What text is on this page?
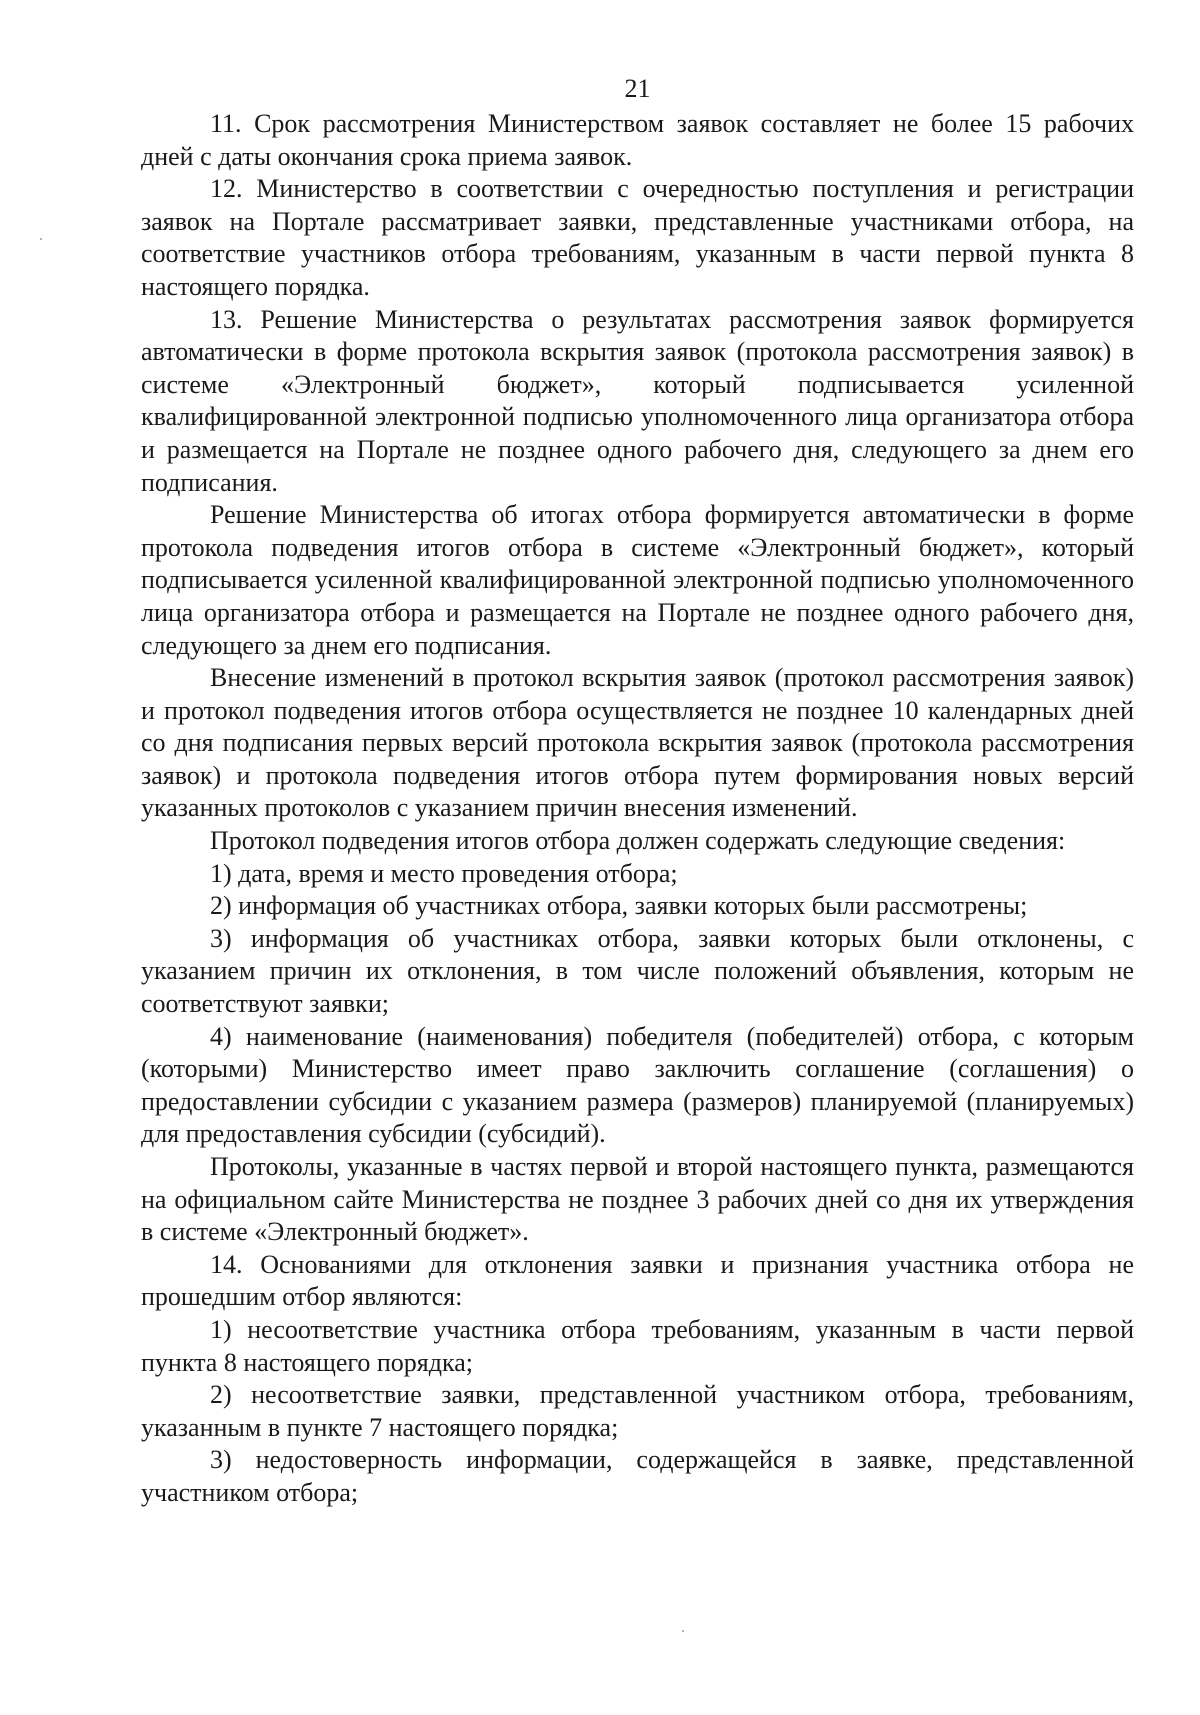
21

11. Срок рассмотрения Министерством заявок составляет не более 15 рабочих дней с даты окончания срока приема заявок.

12. Министерство в соответствии с очередностью поступления и регистрации заявок на Портале рассматривает заявки, представленные участниками отбора, на соответствие участников отбора требованиям, указанным в части первой пункта 8 настоящего порядка.

13. Решение Министерства о результатах рассмотрения заявок формируется автоматически в форме протокола вскрытия заявок (протокола рассмотрения заявок) в системе «Электронный бюджет», который подписывается усиленной квалифицированной электронной подписью уполномоченного лица организатора отбора и размещается на Портале не позднее одного рабочего дня, следующего за днем его подписания.

Решение Министерства об итогах отбора формируется автоматически в форме протокола подведения итогов отбора в системе «Электронный бюджет», который подписывается усиленной квалифицированной электронной подписью уполномоченного лица организатора отбора и размещается на Портале не позднее одного рабочего дня, следующего за днем его подписания.

Внесение изменений в протокол вскрытия заявок (протокол рассмотрения заявок) и протокол подведения итогов отбора осуществляется не позднее 10 календарных дней со дня подписания первых версий протокола вскрытия заявок (протокола рассмотрения заявок) и протокола подведения итогов отбора путем формирования новых версий указанных протоколов с указанием причин внесения изменений.

Протокол подведения итогов отбора должен содержать следующие сведения:

1) дата, время и место проведения отбора;

2) информация об участниках отбора, заявки которых были рассмотрены;

3) информация об участниках отбора, заявки которых были отклонены, с указанием причин их отклонения, в том числе положений объявления, которым не соответствуют заявки;

4) наименование (наименования) победителя (победителей) отбора, с которым (которыми) Министерство имеет право заключить соглашение (соглашения) о предоставлении субсидии с указанием размера (размеров) планируемой (планируемых) для предоставления субсидии (субсидий).

Протоколы, указанные в частях первой и второй настоящего пункта, размещаются на официальном сайте Министерства не позднее 3 рабочих дней со дня их утверждения в системе «Электронный бюджет».

14. Основаниями для отклонения заявки и признания участника отбора не прошедшим отбор являются:

1) несоответствие участника отбора требованиям, указанным в части первой пункта 8 настоящего порядка;

2) несоответствие заявки, представленной участником отбора, требованиям, указанным в пункте 7 настоящего порядка;

3) недостоверность информации, содержащейся в заявке, представленной участником отбора;
